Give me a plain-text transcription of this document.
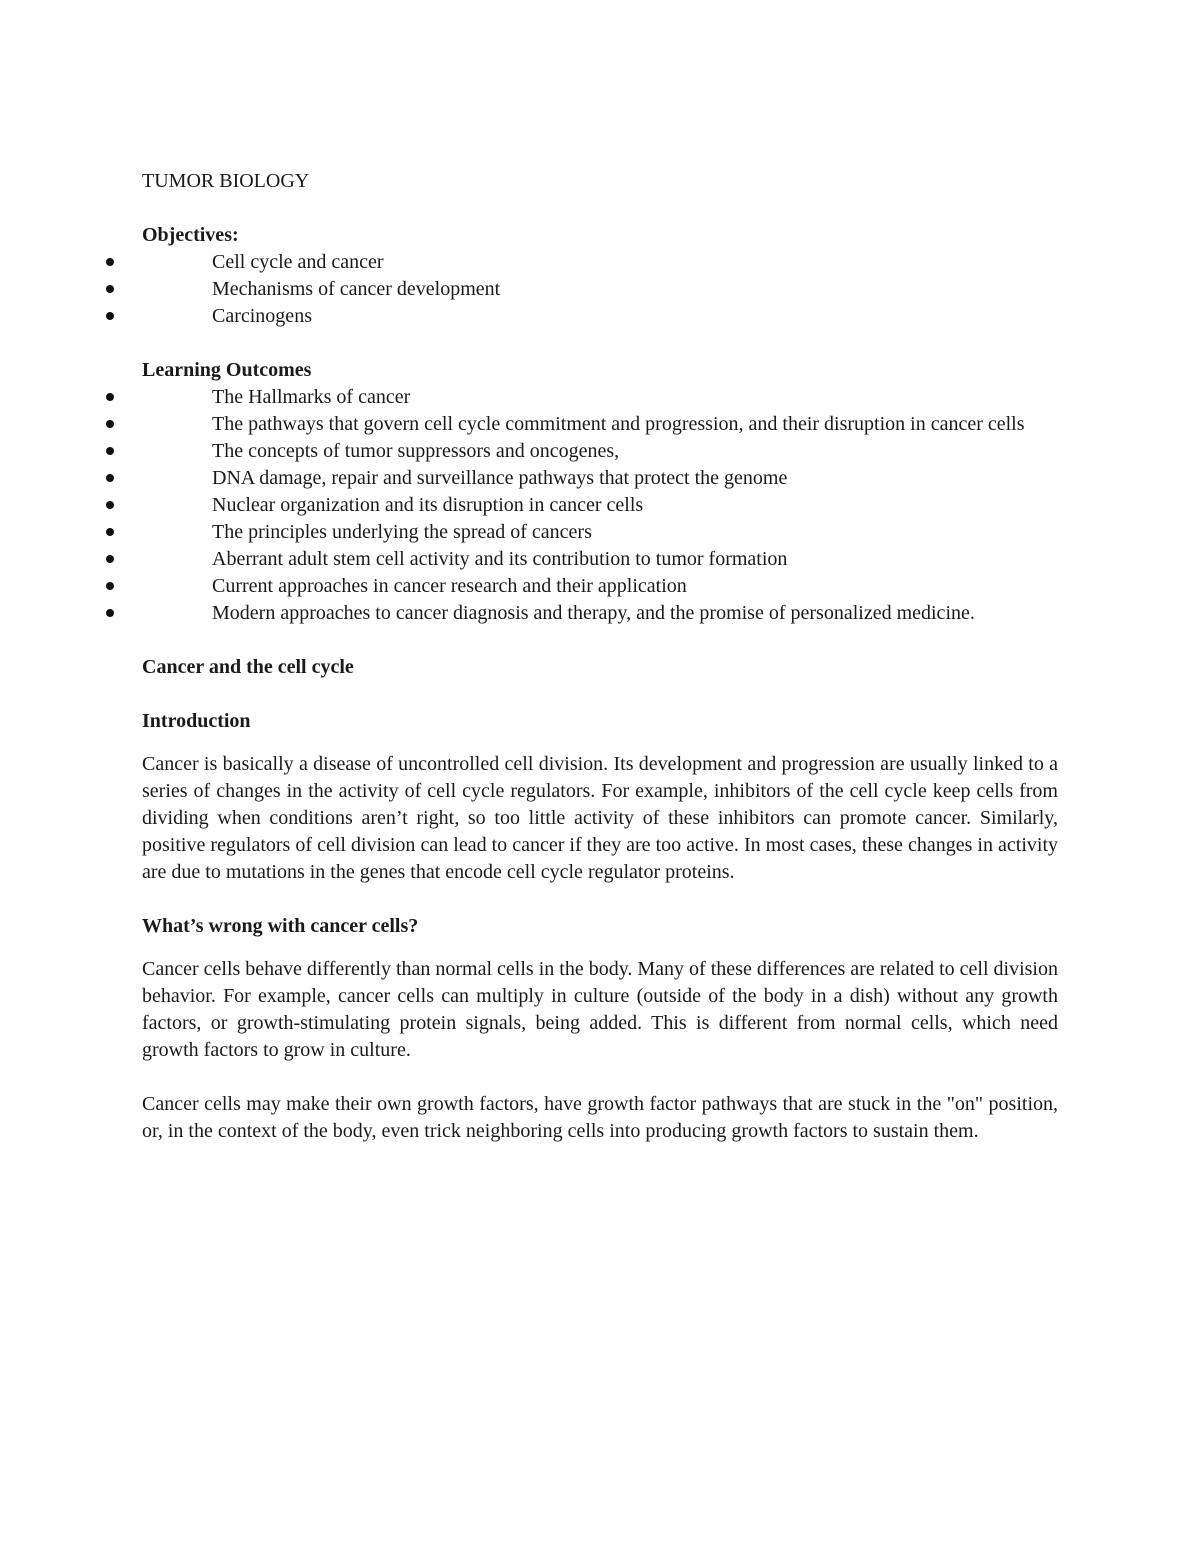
TUMOR BIOLOGY
Objectives:
Cell cycle and cancer
Mechanisms of cancer development
Carcinogens
Learning Outcomes
The Hallmarks of cancer
The pathways that govern cell cycle commitment and progression, and their disruption in cancer cells
The concepts of tumor suppressors and oncogenes,
DNA damage, repair and surveillance pathways that protect the genome
Nuclear organization and its disruption in cancer cells
The principles underlying the spread of cancers
Aberrant adult stem cell activity and its contribution to tumor formation
Current approaches in cancer research and their application
Modern approaches to cancer diagnosis and therapy, and the promise of personalized medicine.
Cancer and the cell cycle
Introduction

Cancer is basically a disease of uncontrolled cell division. Its development and progression are usually linked to a series of changes in the activity of cell cycle regulators. For example, inhibitors of the cell cycle keep cells from dividing when conditions aren’t right, so too little activity of these inhibitors can promote cancer. Similarly, positive regulators of cell division can lead to cancer if they are too active. In most cases, these changes in activity are due to mutations in the genes that encode cell cycle regulator proteins.

What’s wrong with cancer cells?

Cancer cells behave differently than normal cells in the body. Many of these differences are related to cell division behavior. For example, cancer cells can multiply in culture (outside of the body in a dish) without any growth factors, or growth-stimulating protein signals, being added. This is different from normal cells, which need growth factors to grow in culture.

Cancer cells may make their own growth factors, have growth factor pathways that are stuck in the "on" position, or, in the context of the body, even trick neighboring cells into producing growth factors to sustain them.
